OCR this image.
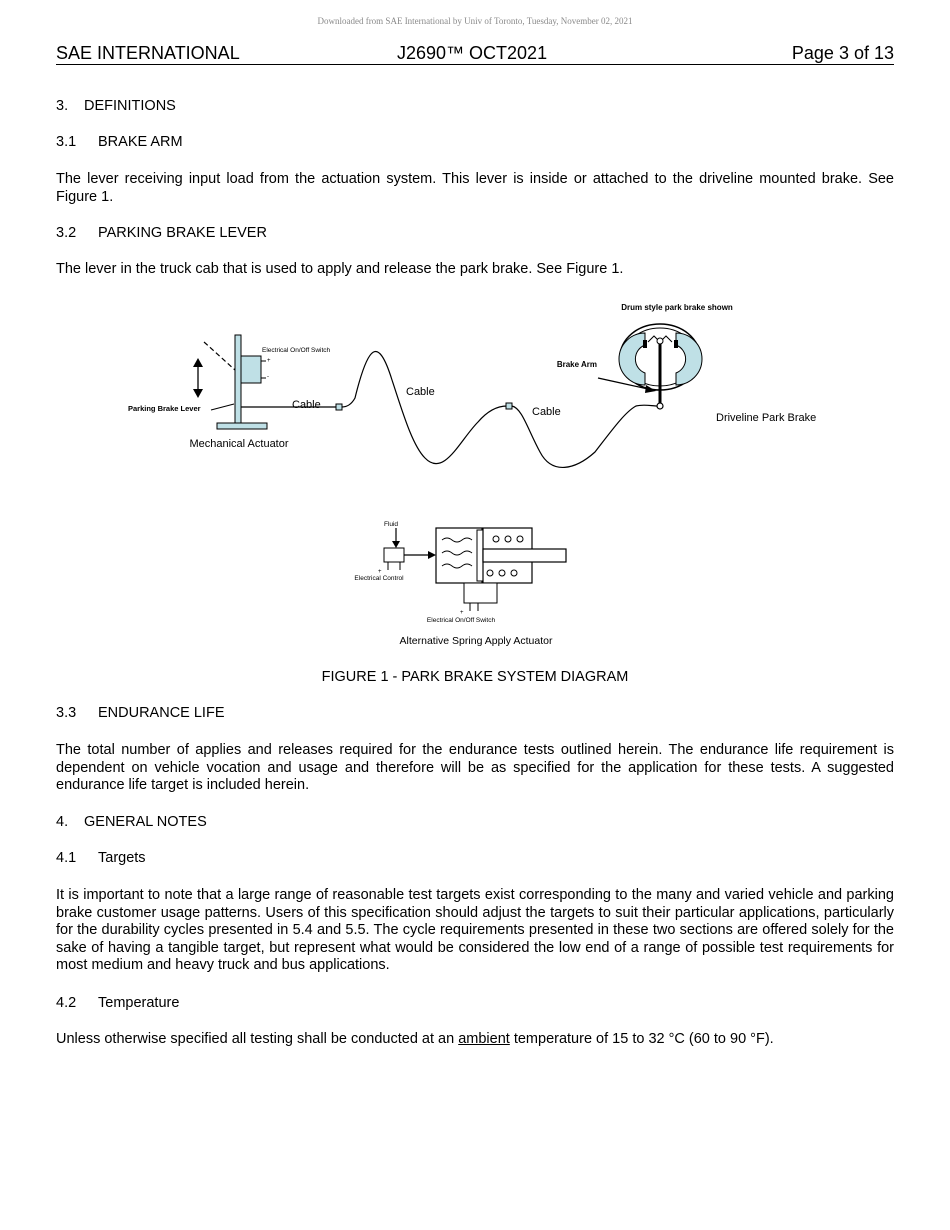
Downloaded from SAE International by Univ of Toronto, Tuesday, November 02, 2021
SAE INTERNATIONAL	J2690™ OCT2021	Page 3 of 13
3. DEFINITIONS
3.1 BRAKE ARM
The lever receiving input load from the actuation system. This lever is inside or attached to the driveline mounted brake. See Figure 1.
3.2 PARKING BRAKE LEVER
The lever in the truck cab that is used to apply and release the park brake. See Figure 1.
Drum style park brake shown
Brake Arm
Driveline Park Brake
Electrical On/Off Switch
+
-
Parking Brake Lever
Mechanical Actuator
Cable
Cable
Cable
Fluid
+
Electrical Control
+
Electrical On/Off Switch
Alternative Spring Apply Actuator
FIGURE 1 - PARK BRAKE SYSTEM DIAGRAM
3.3 ENDURANCE LIFE
The total number of applies and releases required for the endurance tests outlined herein. The endurance life requirement is dependent on vehicle vocation and usage and therefore will be as specified for the application for these tests. A suggested endurance life target is included herein.
4. GENERAL NOTES
4.1 Targets
It is important to note that a large range of reasonable test targets exist corresponding to the many and varied vehicle and parking brake customer usage patterns. Users of this specification should adjust the targets to suit their particular applications, particularly for the durability cycles presented in 5.4 and 5.5. The cycle requirements presented in these two sections are offered solely for the sake of having a tangible target, but represent what would be considered the low end of a range of possible test requirements for most medium and heavy truck and bus applications.
4.2 Temperature
Unless otherwise specified all testing shall be conducted at an ambient temperature of 15 to 32 °C (60 to 90 °F).
